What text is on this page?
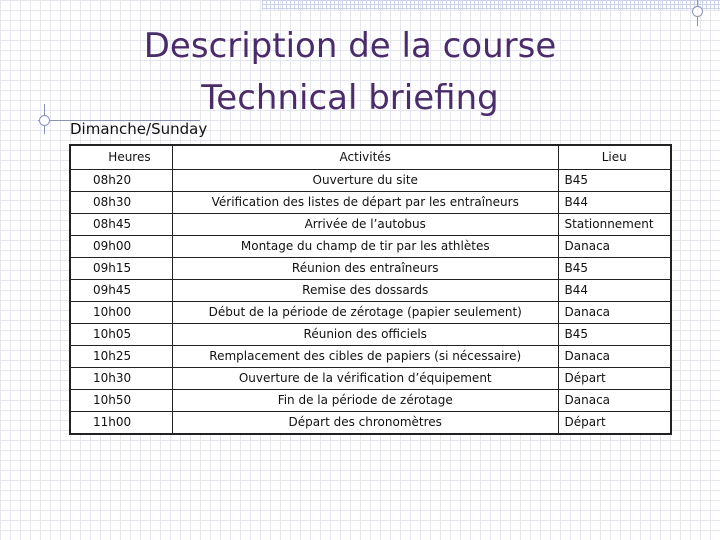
Description de la course
Technical briefing
Dimanche/Sunday
Heures	Activités	Lieu
08h20	Ouverture du site	B45
08h30	Vérification des listes de départ par les entraîneurs	B44
08h45	Arrivée de l’autobus	Stationnement
09h00	Montage du champ de tir par les athlètes	Danaca
09h15	Réunion des entraîneurs	B45
09h45	Remise des dossards	B44
10h00	Début de la période de zérotage (papier seulement)	Danaca
10h05	Réunion des officiels	B45
10h25	Remplacement des cibles de papiers (si nécessaire)	Danaca
10h30	Ouverture de la vérification d’équipement	Départ
10h50	Fin de la période de zérotage	Danaca
11h00	Départ des chronomètres	Départ
